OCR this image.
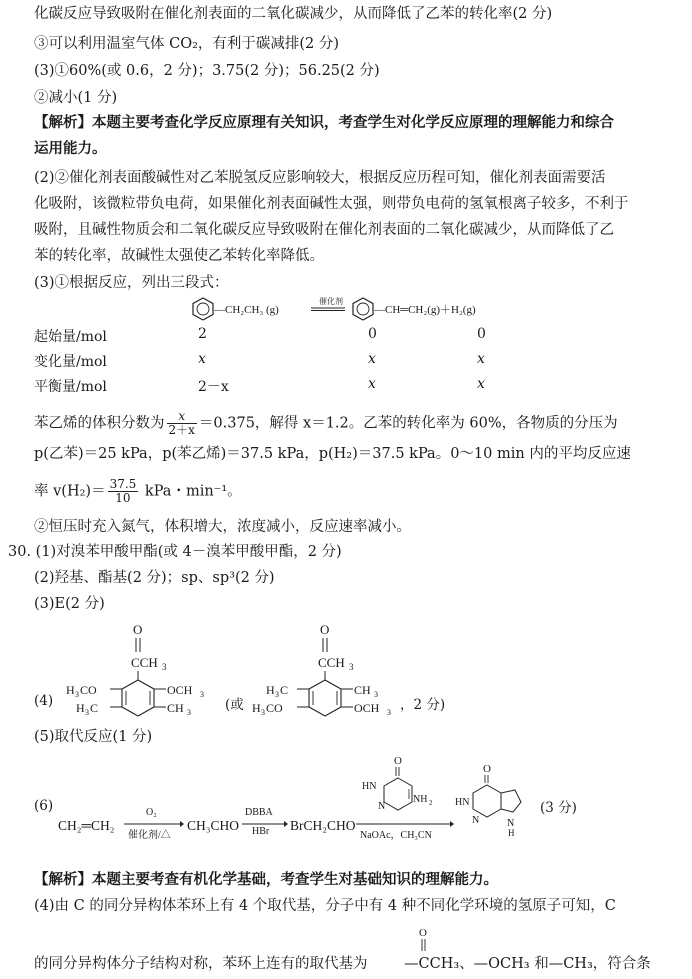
化碳反应导致吸附在催化剂表面的二氧化碳减少，从而降低了乙苯的转化率(2 分)
③可以利用温室气体 CO₂，有利于碳减排(2 分)
(3)①60%(或 0.6，2 分)；3.75(2 分)；56.25(2 分)
②减小(1 分)
【解析】本题主要考查化学反应原理有关知识，考查学生对化学反应原理的理解能力和综合
运用能力。
(2)②催化剂表面酸碱性对乙苯脱氢反应影响较大，根据反应历程可知，催化剂表面需要活
化吸附，该微粒带负电荷，如果催化剂表面碱性太强，则带负电荷的氢氧根离子较多，不利于
吸附，且碱性物质会和二氧化碳反应导致吸附在催化剂表面的二氧化碳减少，从而降低了乙
苯的转化率，故碱性太强使乙苯转化率降低。
(3)①根据反应，列出三段式：
—CH₂CH₃ (g)
催化剂
—CH═CH₂(g)＋H₂(g)
起始量/mol	2	0	0
变化量/mol	x	x	x
平衡量/mol	2－x	x	x
苯乙烯的体积分数为 $\frac{x}{2+x} =0.375$，解得 x＝1.2。乙苯的转化率为 60%，各物质的分压为
p(乙苯)＝25 kPa，p(苯乙烯)＝37.5 kPa，p(H₂)＝37.5 kPa。0～10 min 内的平均反应速
率 $v(H_2)= \frac{37.5}{10}$ kPa・min⁻¹。
②恒压时充入氮气，体积增大，浓度减小，反应速率减小。
30. (1)对溴苯甲酸甲酯(或 4－溴苯甲酸甲酯，2 分)
(2)羟基、酯基(2 分)；sp、sp³(2 分)
(3)E(2 分)
(4)
O
CCH 3
H 3 CO
H 3 C
OCH 3
CH 3	(或
O
CCH 3
H 3 C
H 3 CO
CH 3
OCH 3 ，2 分)
(5)取代反应(1 分)
(6)
CH₂═CH₂
O₂
催化剂/△
CH₃CHO
DBBA
HBr BrCH₂CHO
O
HN
N
NH 2
NaOAc，CH₃CN
O
HN
N	N
H
(3 分)
【解析】本题主要考查有机化学基础，考查学生对基础知识的理解能力。
(4)由 C 的同分异构体苯环上有 4 个取代基，分子中有 4 种不同化学环境的氢原子可知，C
的同分异构体分子结构对称，苯环上连有的取代基为
O
—CCH₃、—OCH₃ 和—CH₃，符合条
